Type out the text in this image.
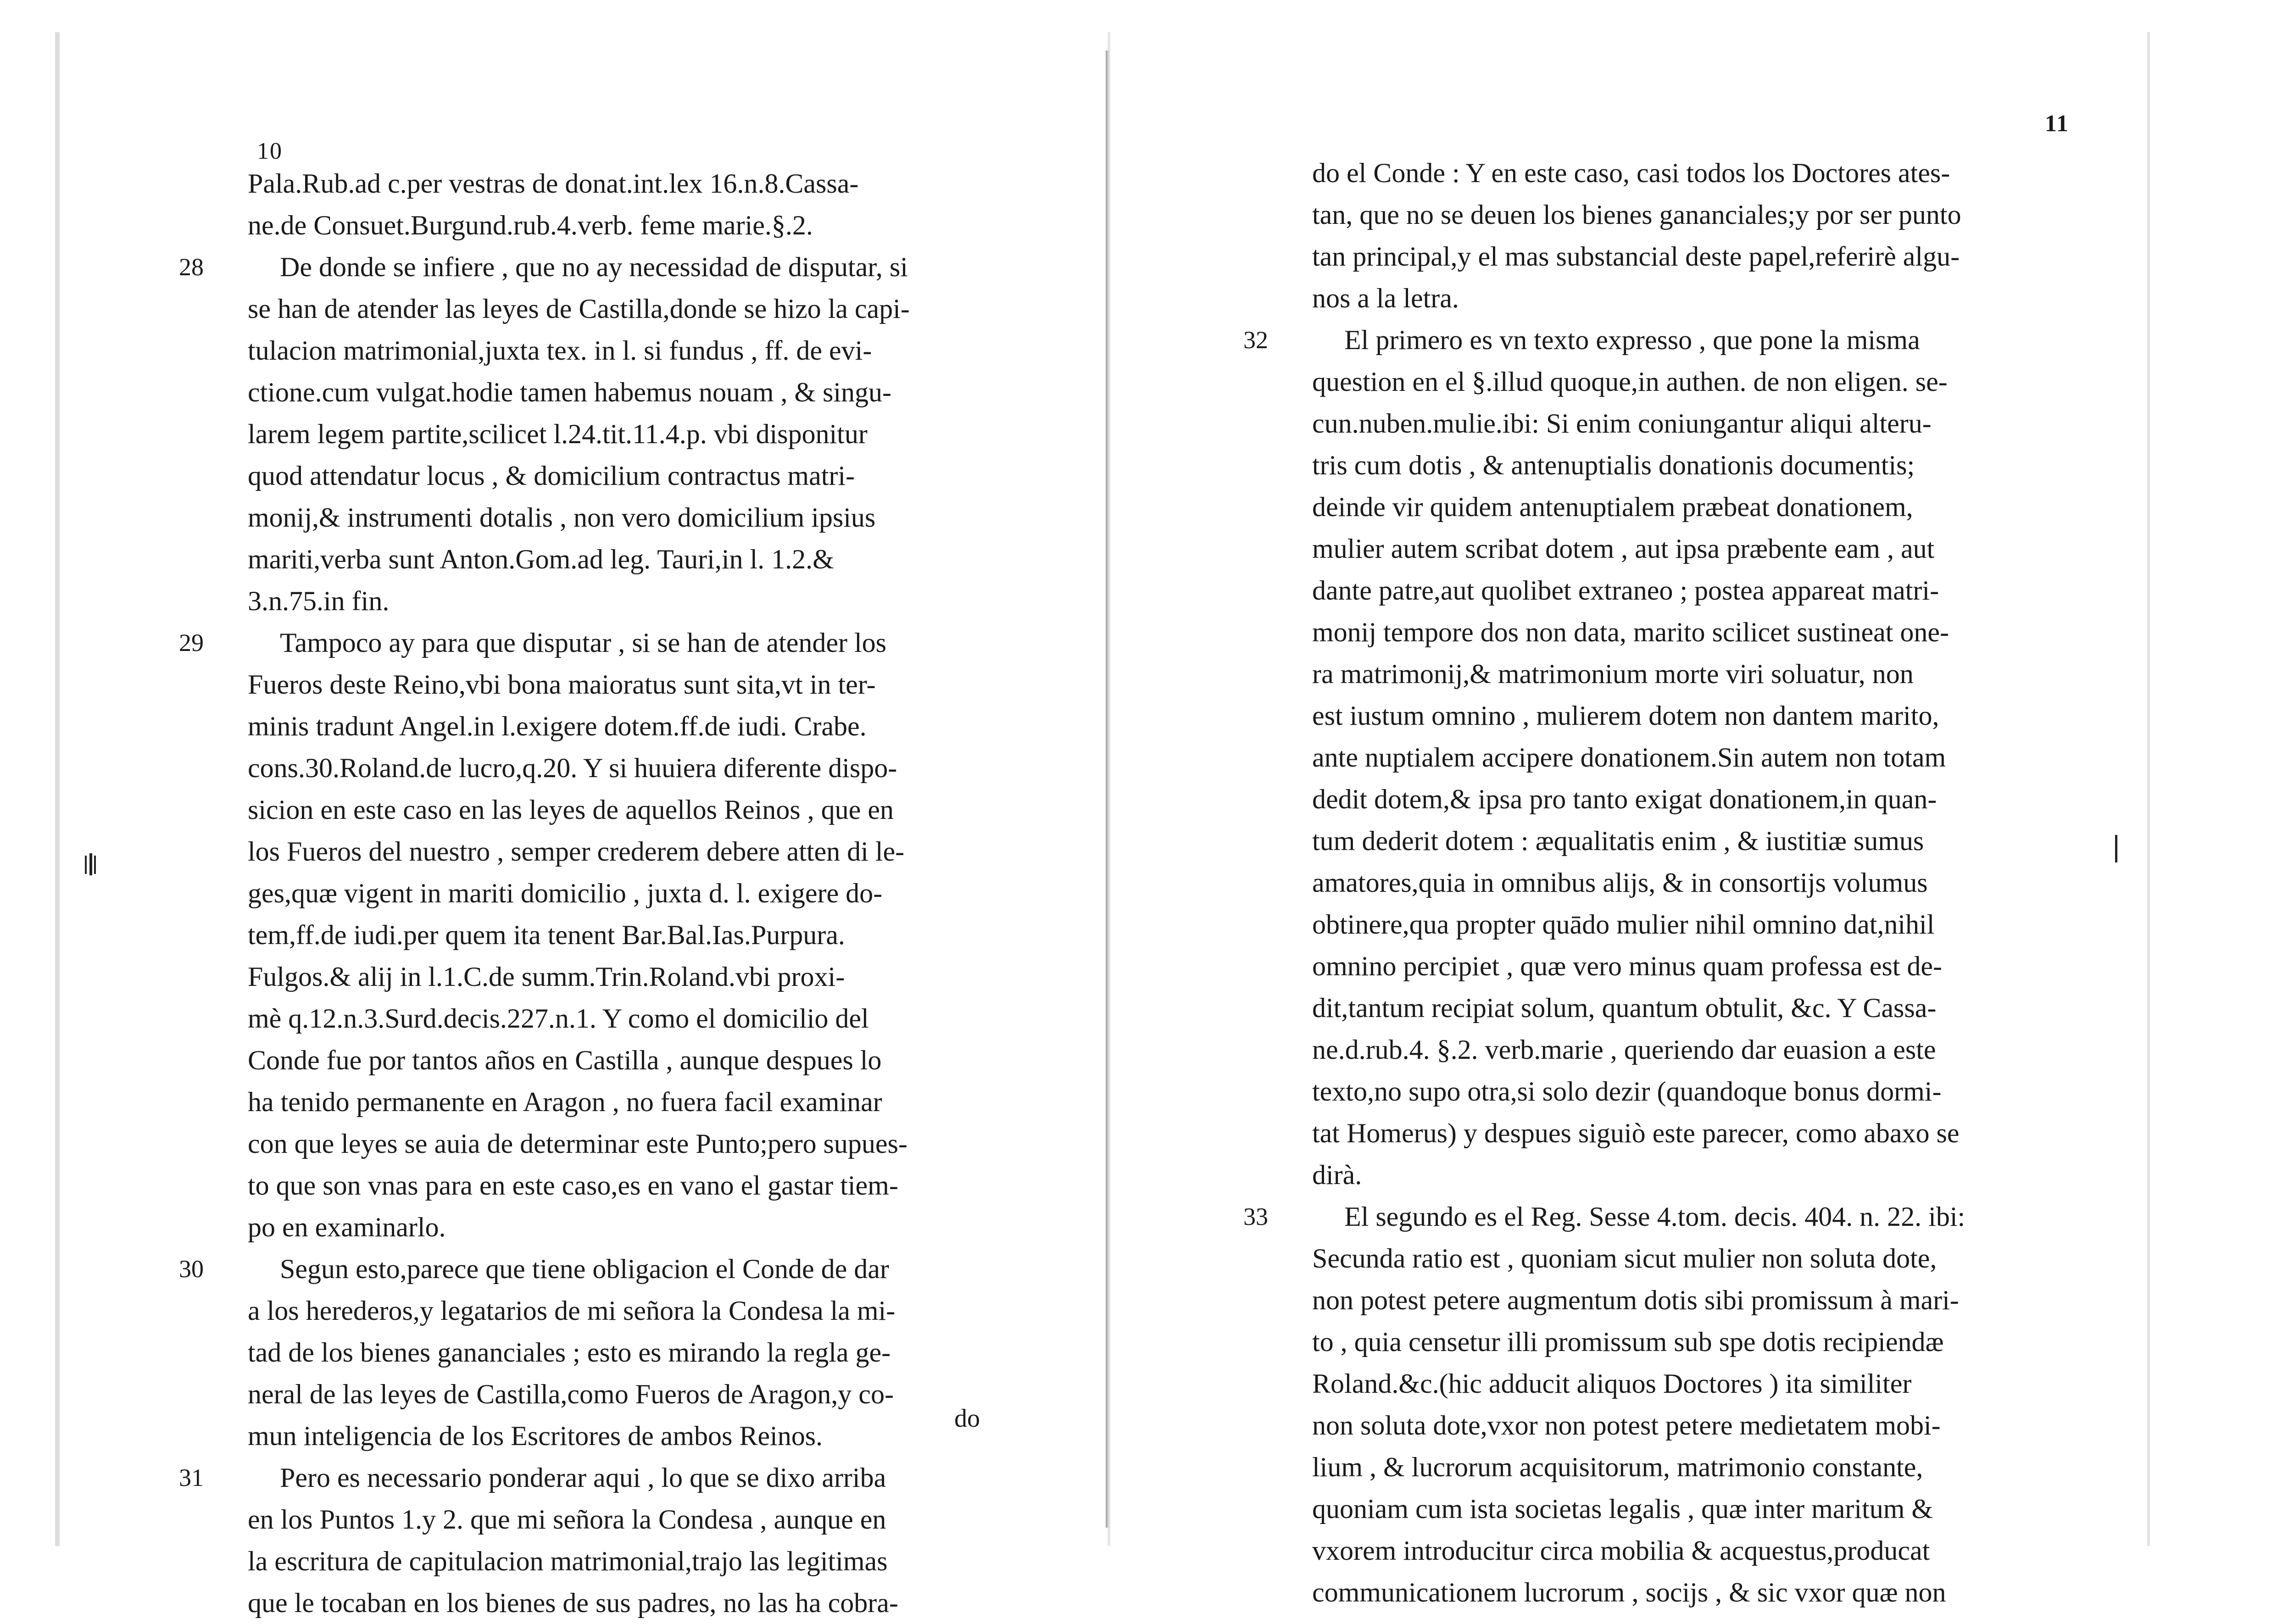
10
Pala.Rub.ad c.per vestras de donat.int.lex 16.n.8.Cassa-
ne.de Consuet.Burgund.rub.4.verb. feme marie.§.2.
28	De donde se infiere , que no ay necessidad de disputar, si
se han de atender las leyes de Castilla,donde se hizo la capi-
tulacion matrimonial,juxta tex. in l. si fundus , ff. de evi-
ctione.cum vulgat.hodie tamen habemus nouam , & singu-
larem legem partite,scilicet l.24.tit.11.4.p. vbi disponitur
quod attendatur locus , & domicilium contractus matri-
monij,& instrumenti dotalis , non vero domicilium ipsius
mariti,verba sunt Anton.Gom.ad leg. Tauri,in l. 1.2.&
3.n.75.in fin.
29	Tampoco ay para que disputar , si se han de atender los
Fueros deste Reino,vbi bona maioratus sunt sita,vt in ter-
minis tradunt Angel.in l.exigere dotem.ff.de iudi. Crabe.
cons.30.Roland.de lucro,q.20. Y si huuiera diferente dispo-
sicion en este caso en las leyes de aquellos Reinos , que en
los Fueros del nuestro , semper crederem debere atten di le-
ges,quæ vigent in mariti domicilio , juxta d. l. exigere do-
tem,ff.de iudi.per quem ita tenent Bar.Bal.Ias.Purpura.
Fulgos.& alij in l.1.C.de summ.Trin.Roland.vbi proxi-
mè q.12.n.3.Surd.decis.227.n.1. Y como el domicilio del
Conde fue por tantos años en Castilla , aunque despues lo
ha tenido permanente en Aragon , no fuera facil examinar
con que leyes se auia de determinar este Punto;pero supues-
to que son vnas para en este caso,es en vano el gastar tiem-
po en examinarlo.
30	Segun esto,parece que tiene obligacion el Conde de dar
a los herederos,y legatarios de mi señora la Condesa la mi-
tad de los bienes gananciales ; esto es mirando la regla ge-
neral de las leyes de Castilla,como Fueros de Aragon,y co-
mun inteligencia de los Escritores de ambos Reinos.
31	Pero es necessario ponderar aqui , lo que se dixo arriba
en los Puntos 1.y 2. que mi señora la Condesa , aunque en
la escritura de capitulacion matrimonial,trajo las legitimas
que le tocaban en los bienes de sus padres, no las ha cobra-
do
11
do el Conde : Y en este caso, casi todos los Doctores ates-
tan, que no se deuen los bienes gananciales;y por ser punto
tan principal,y el mas substancial deste papel,referirè algu-
nos a la letra.
32	El primero es vn texto expresso , que pone la misma
question en el §.illud quoque,in authen. de non eligen. se-
cun.nuben.mulie.ibi: Si enim coniungantur aliqui alteru-
tris cum dotis , & antenuptialis donationis documentis;
deinde vir quidem antenuptialem præbeat donationem,
mulier autem scribat dotem , aut ipsa præbente eam , aut
dante patre,aut quolibet extraneo ; postea appareat matri-
monij tempore dos non data, marito scilicet sustineat one-
ra matrimonij,& matrimonium morte viri soluatur, non
est iustum omnino , mulierem dotem non dantem marito,
ante nuptialem accipere donationem.Sin autem non totam
dedit dotem,& ipsa pro tanto exigat donationem,in quan-
tum dederit dotem : æqualitatis enim , & iustitiæ sumus
amatores,quia in omnibus alijs, & in consortijs volumus
obtinere,qua propter quādo mulier nihil omnino dat,nihil
omnino percipiet , quæ vero minus quam professa est de-
dit,tantum recipiat solum, quantum obtulit, &c. Y Cassa-
ne.d.rub.4. §.2. verb.marie , queriendo dar euasion a este
texto,no supo otra,si solo dezir (quandoque bonus dormi-
tat Homerus) y despues siguiò este parecer, como abaxo se
dirà.
33	El segundo es el Reg. Sesse 4.tom. decis. 404. n. 22. ibi:
Secunda ratio est , quoniam sicut mulier non soluta dote,
non potest petere augmentum dotis sibi promissum à mari-
to , quia censetur illi promissum sub spe dotis recipiendæ
Roland.&c.(hic adducit aliquos Doctores ) ita similiter
non soluta dote,vxor non potest petere medietatem mobi-
lium , & lucrorum acquisitorum, matrimonio constante,
quoniam cum ista societas legalis , quæ inter maritum &
vxorem introducitur circa mobilia & acquestus,producat
communicationem lucrorum , socijs , & sic vxor quæ non
